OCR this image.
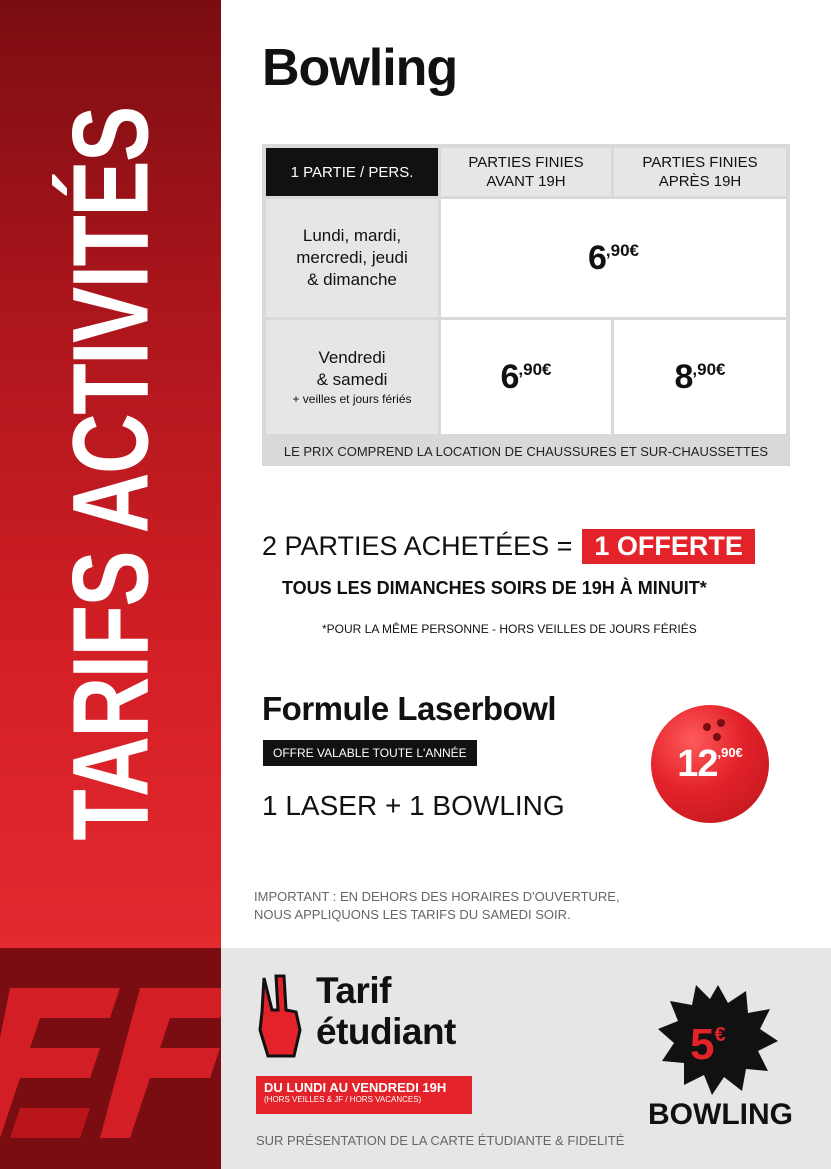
TARIFS ACTIVITÉS
Bowling
1 PARTIE / PERS.
PARTIES FINIES
AVANT 19H
PARTIES FINIES
APRÈS 19H
Lundi, mardi,
mercredi, jeudi
& dimanche
$6^{,90€}$
Vendredi
& samedi
+ veilles et jours fériés
$6^{,90€}$	$8^{,90€}$
LE PRIX COMPREND LA LOCATION DE CHAUSSURES ET SUR-CHAUSSETTES
2 PARTIES ACHETÉES = 1 OFFERTE
TOUS LES DIMANCHES SOIRS DE 19H À MINUIT*
*POUR LA MÊME PERSONNE - HORS VEILLES DE JOURS FÉRIÉS
Formule Laserbowl
OFFRE VALABLE TOUTE L'ANNÉE
1 LASER + 1 BOWLING
$12^{,90€}$
IMPORTANT : EN DEHORS DES HORAIRES D'OUVERTURE,
NOUS APPLIQUONS LES TARIFS DU SAMEDI SOIR.
Tarif
étudiant
DU LUNDI AU VENDREDI 19H
(HORS VEILLES & JF / HORS VACANCES)
SUR PRÉSENTATION DE LA CARTE ÉTUDIANTE & FIDELITÉ
5€
BOWLING
